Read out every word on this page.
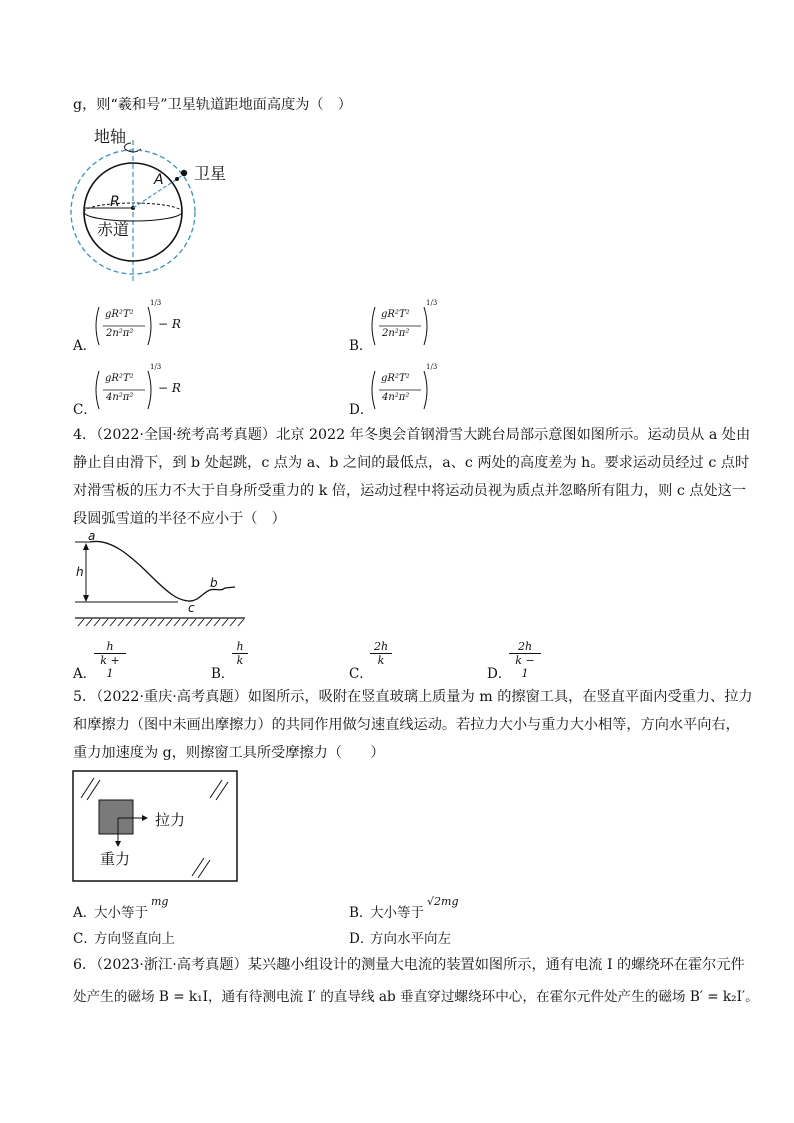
g，则“羲和号”卫星轨道距地面高度为（　）
地轴
卫星
A
R
赤道
A．
gR²T²
2n²π²
1/3
− R
B．
gR²T²
2n²π²
1/3
C．
gR²T²
4n²π²
1/3
− R
D．
gR²T²
4n²π²
1/3
4．（2022·全国·统考高考真题）北京 2022 年冬奥会首钢滑雪大跳台局部示意图如图所示。运动员从 a 处由
静止自由滑下，到 b 处起跳，c 点为 a、b 之间的最低点，a、c 两处的高度差为 h。要求运动员经过 c 点时
对滑雪板的压力不大于自身所受重力的 k 倍，运动过程中将运动员视为质点并忽略所有阻力，则 c 点处这一
段圆弧雪道的半径不应小于（　）
a
h
b
c
A．
$\frac{h}{k + 1}$	B．
$\frac{h}{k}$
C．
$\frac{2h}{k}$
D．
$\frac{2h}{k - 1}$
5．（2022·重庆·高考真题）如图所示，吸附在竖直玻璃上质量为 m 的擦窗工具，在竖直平面内受重力、拉力
和摩擦力（图中未画出摩擦力）的共同作用做匀速直线运动。若拉力大小与重力大小相等，方向水平向右，
重力加速度为 g，则擦窗工具所受摩擦力（　　）
拉力
重力
A．
大小等于
mg
B．
大小等于
√2mg
C．
方向竖直向上	D．
方向水平向左
6．（2023·浙江·高考真题）某兴趣小组设计的测量大电流的装置如图所示，通有电流 I 的螺绕环在霍尔元件
处产生的磁场 B = k₁I，通有待测电流 I′ 的直导线 ab 垂直穿过螺绕环中心，在霍尔元件处产生的磁场 B′ = k₂I′。
